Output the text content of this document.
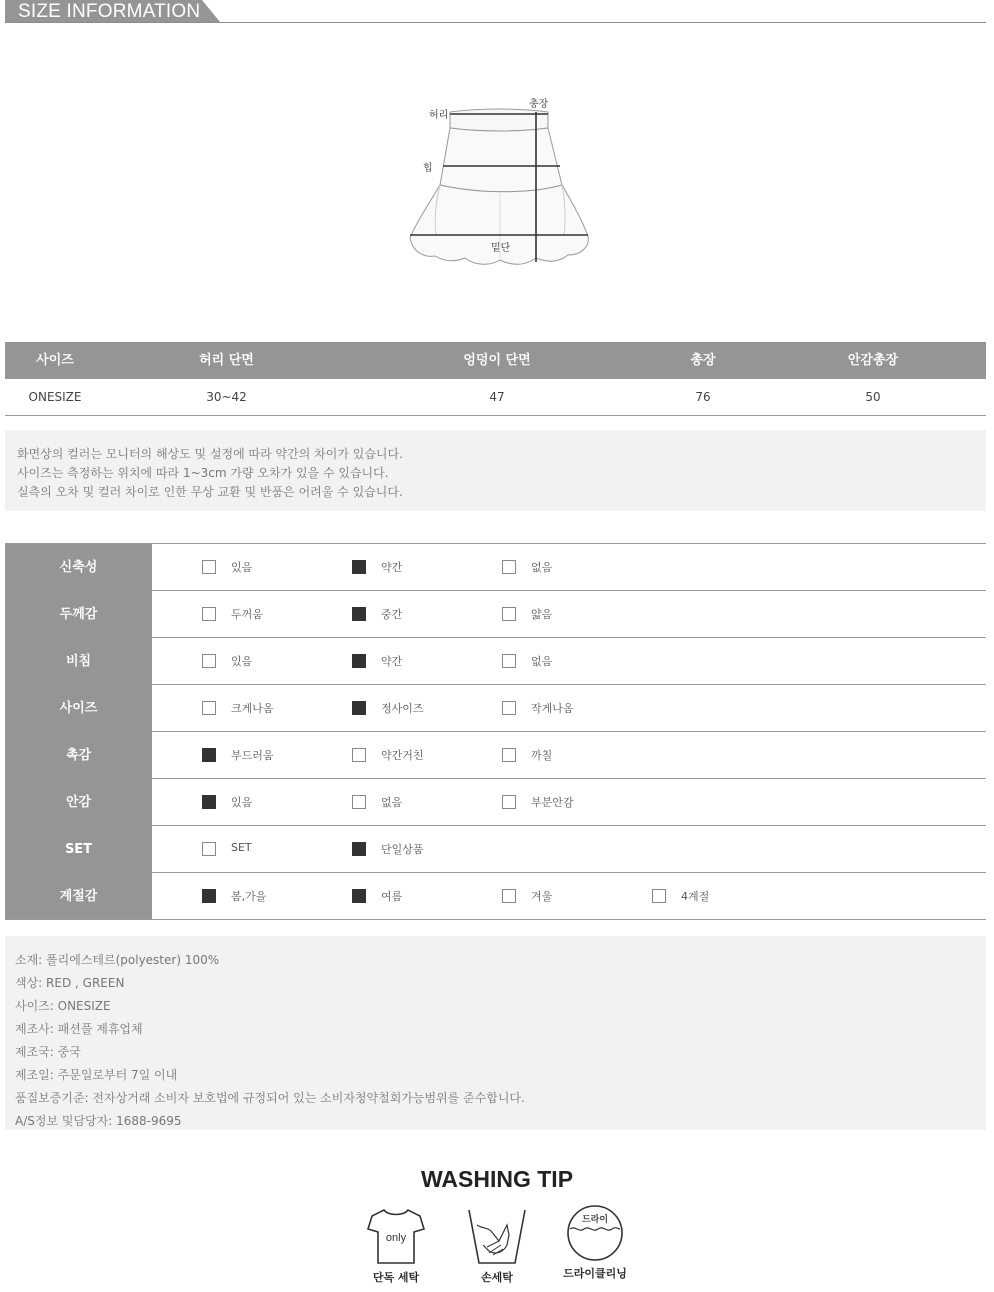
SIZE INFORMATION
허리
총장
힙
밑단
사이즈	허리 단면	엉덩이 단면	총장	안감총장
ONESIZE	30~42	47	76	50

화면상의 컬러는 모니터의 해상도 및 설정에 따라 약간의 차이가 있습니다.

사이즈는 측정하는 위치에 따라 1~3cm 가량 오차가 있을 수 있습니다.

실측의 오차 및 컬러 차이로 인한 무상 교환 및 반품은 어려울 수 있습니다.

신축성	있음	약간	없음
두께감	두꺼움	중간	얇음
비침	있음	약간	없음
사이즈	크게나옴	정사이즈	작게나옴
촉감	부드러움	약간거친	까칠
안감	있음	없음	부분안감
SET	SET	단일상품
계절감	봄,가을	여름	겨울	4계절

소재: 폴리에스테르(polyester) 100%

색상: RED , GREEN

사이즈: ONESIZE

제조사: 패션풀 제휴업체

제조국: 중국

제조일: 주문일로부터 7일 이내

품질보증기준: 전자상거래 소비자 보호법에 규정되어 있는 소비자청약철회가능범위를 준수합니다.

A/S정보 및담당자: 1688-9695

WASHING TIP
only
단독 세탁	손세탁
드라이
드라이클리닝
